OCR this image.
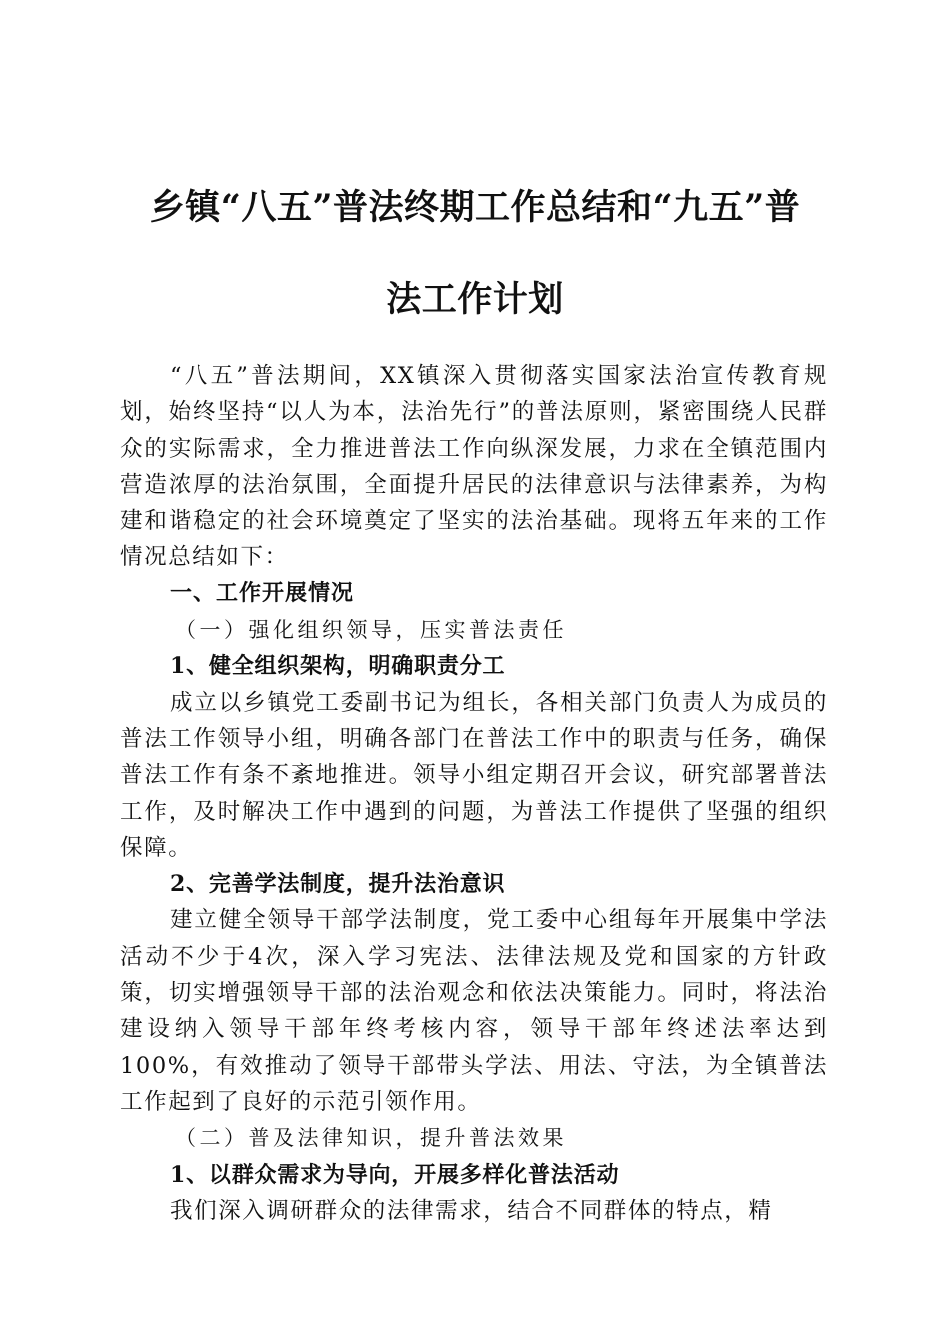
乡镇“八五”普法终期工作总结和“九五”普
法工作计划

“八五”普法期间，XX镇深入贯彻落实国家法治宣传教育规划，始终坚持“以人为本，法治先行”的普法原则，紧密围绕人民群众的实际需求，全力推进普法工作向纵深发展，力求在全镇范围内营造浓厚的法治氛围，全面提升居民的法律意识与法律素养，为构建和谐稳定的社会环境奠定了坚实的法治基础。现将五年来的工作情况总结如下：

一、工作开展情况

（一）强化组织领导，压实普法责任

1、健全组织架构，明确职责分工

成立以乡镇党工委副书记为组长，各相关部门负责人为成员的普法工作领导小组，明确各部门在普法工作中的职责与任务，确保普法工作有条不紊地推进。领导小组定期召开会议，研究部署普法工作，及时解决工作中遇到的问题，为普法工作提供了坚强的组织保障。

2、完善学法制度，提升法治意识

建立健全领导干部学法制度，党工委中心组每年开展集中学法活动不少于4次，深入学习宪法、法律法规及党和国家的方针政策，切实增强领导干部的法治观念和依法决策能力。同时，将法治建设纳入领导干部年终考核内容，领导干部年终述法率达到100%，有效推动了领导干部带头学法、用法、守法，为全镇普法工作起到了良好的示范引领作用。

（二）普及法律知识，提升普法效果

1、以群众需求为导向，开展多样化普法活动

我们深入调研群众的法律需求，结合不同群体的特点，精
